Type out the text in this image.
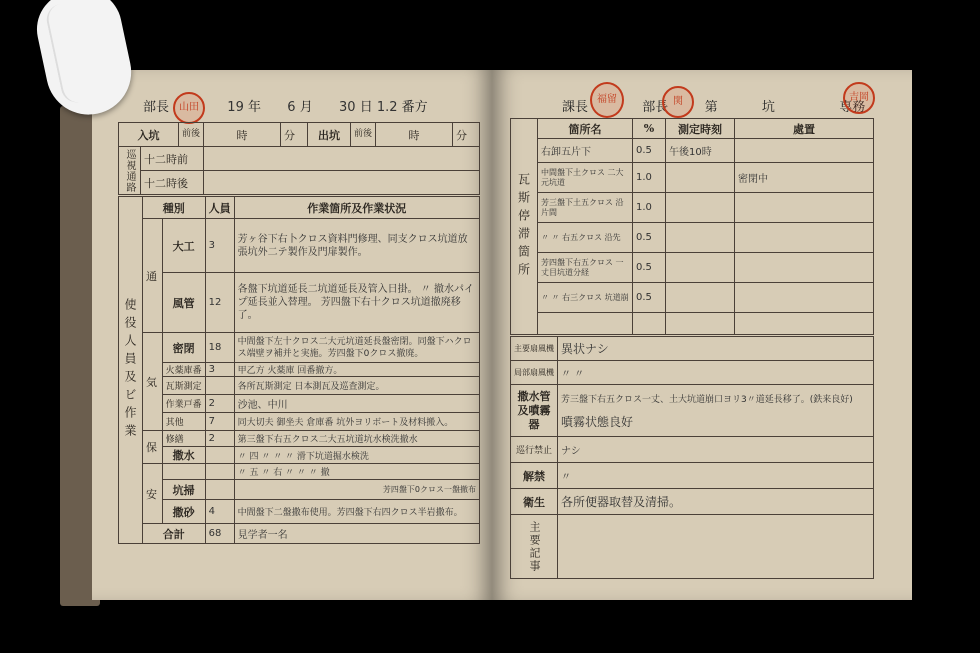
部長	19 年 6 月 30 日 1.2 番方
山田	課長	部長	第	坑	専務
福留	関	吉岡
入坑		前後	時	分	出坑	前後	時	分
巡視通路	十二時前							
	十二時後							
使役人員及ビ作業	種別		人員	作業箇所及作業状況
	通	大工	3	芳ヶ谷下右卜クロス資料門修理、同支クロス坑道放張坑外二テ製作及門扉製作。
		風管	12	各盤下坑道延長二坑道延長及管入日掛。 〃 撤水パイプ延長並入替理。 芳四盤下右十クロス坑道撤廃移了。
	気	密閉	18	中間盤下左十クロス二大元坑道延長盤密閉。同盤下ハクロス端壁ヲ補并と実施。芳四盤下0クロス撤廃。
		火薬庫番	3	甲乙方 火薬庫 回番撤方。
		瓦斯測定		各所瓦斯測定 日本測瓦及巡査測定。
		作業戸番	2	沙池、中川
		其他	7	同大切夫 御坐夫 倉庫番 坑外ヨリボート及材料搬入。
	保	修繕	2	第三盤下右五クロス二大五坑道坑水検洗撤水
		撒水		〃 四 〃 〃 〃 滑下坑道掘水検洗
	安			〃 五 〃 右 〃 〃 〃 撤
		坑掃		芳四盤下0クロス一盤撤布
		撒砂	4	中間盤下二盤撒布使用。芳四盤下右四クロス半岩撒布。
	合計		68	見学者一名
瓦斯停滞箇所	箇所名	%	測定時刻	處置
	右卸五片下	0.5	午後10時	
	中間盤下土クロス 二大元坑道	1.0		密閉中
	芳三盤下土五クロス 沿片間	1.0		
	〃 〃 右五クロス 沿先	0.5		
	芳四盤下右五クロス 一丈目坑道分経	0.5		
	〃 〃 右三クロス 坑道崩	0.5		

主要扇風機	異状ナシ
局部扇風機	〃 〃
撒水管及噴霧器	芳三盤下右五クロス一丈、土大坑道崩口ヨリ3〃道延長移了。(鉄来良好)
噴霧状態良好

巡行禁止	ナシ
解禁	〃
衛生	各所便器取替及清掃。
主要記事	
